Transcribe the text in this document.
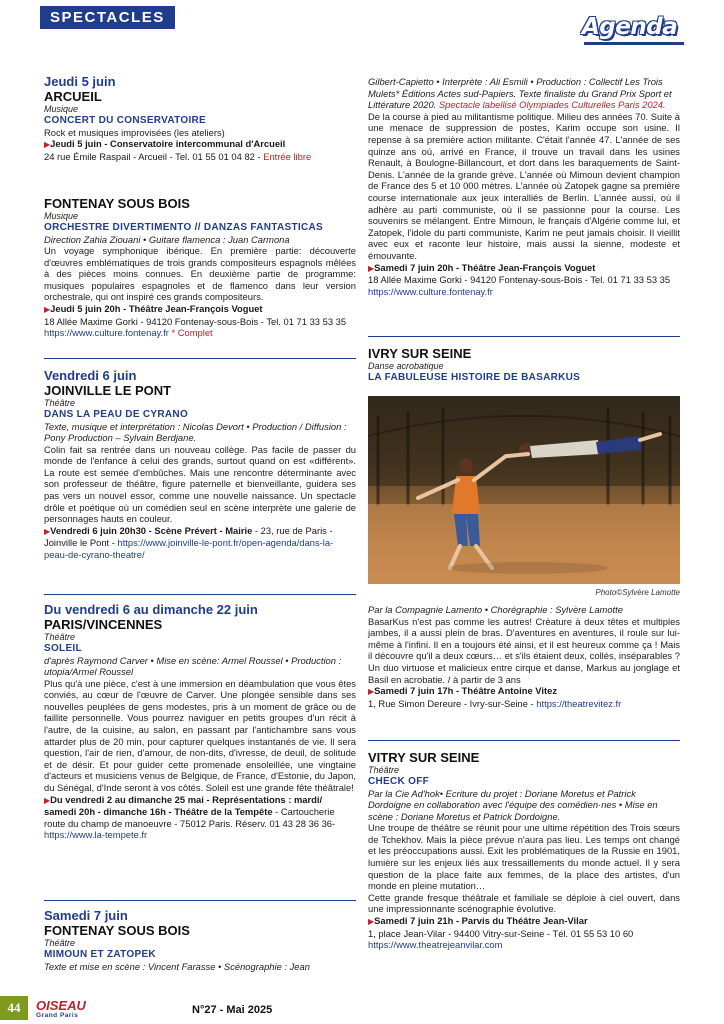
SPECTACLES	Agenda
Jeudi 5 juin
ARCUEIL
Musique
CONCERT DU CONSERVATOIRE
Rock et musiques improvisées (les ateliers)
▶Jeudi 5 juin - Conservatoire intercommunal d'Arcueil
24 rue Émile Raspail - Arcueil - Tel. 01 55 01 04 82 - Entrée libre
FONTENAY SOUS BOIS
Musique
ORCHESTRE DIVERTIMENTO // DANZAS FANTASTICAS
Direction Zahia Ziouani • Guitare flamenca : Juan Carmona
Un voyage symphonique ibérique. En première partie: découverte d'œuvres emblématiques de trois grands compositeurs espagnols mêlées à des pièces moins connues. En deuxième partie de programme: musiques populaires espagnoles et de flamenco dans leur version orchestrale, qui ont inspiré ces grands compositeurs.
▶Jeudi 5 juin 20h - Théâtre Jean-François Voguet
18 Allée Maxime Gorki - 94120 Fontenay-sous-Bois - Tel. 01 71 33 53 35
https://www.culture.fontenay.fr * Complet
Vendredi 6 juin
JOINVILLE LE PONT
Théâtre
DANS LA PEAU DE CYRANO
Texte, musique et interprétation : Nicolas Devort • Production / Diffusion : Pony Production – Sylvain Berdjane.
Colin fait sa rentrée dans un nouveau collège. Pas facile de passer du monde de l'enfance à celui des grands, surtout quand on est «différent». La route est semée d'embûches. Mais une rencontre déterminante avec son professeur de théâtre, figure paternelle et bienveillante, guidera ses pas vers un nouvel essor, comme une nouvelle naissance. Un spectacle drôle et poétique où un comédien seul en scène interprète une galerie de personnages hauts en couleur.
▶Vendredi 6 juin 20h30 - Scène Prévert - Mairie - 23, rue de Paris - Joinville le Pont - https://www.joinville-le-pont.fr/open-agenda/dans-la-peau-de-cyrano-theatre/
Du vendredi 6 au dimanche 22 juin
PARIS/VINCENNES
Théâtre
SOLEIL
d'après Raymond Carver • Mise en scène: Armel Roussel • Production : utopia/Armel Roussel
Plus qu'à une pièce, c'est à une immersion en déambulation que vous êtes conviés, au cœur de l'œuvre de Carver. Une plongée sensible dans ses nouvelles peuplées de gens modestes, pris à un moment de grâce ou de faillite personnelle. Vous pourrez naviguer en petits groupes d'un récit à l'autre, de la cuisine, au salon, en passant par l'antichambre sans vous attarder plus de 20 min, pour capturer quelques instantanés de vie. Il sera question, l'air de rien, d'amour, de non-dits, d'ivresse, de deuil, de solitude et de désir. Et pour guider cette promenade ensoleillée, une vingtaine d'acteurs et musiciens venus de Belgique, de France, d'Estonie, du Japon, du Sénégal, d'Inde seront à vos côtés. Soleil est une grande fête théâtrale!
▶Du vendredi 2 au dimanche 25 mai - Représentations : mardi/ samedi 20h - dimanche 16h - Théâtre de la Tempête - Cartoucherie route du champ de manoeuvre - 75012 Paris. Réserv. 01 43 28 36 36- https://www.la-tempete.fr
Samedi 7 juin
FONTENAY SOUS BOIS
Théâtre
MIMOUN ET ZATOPEK
Texte et mise en scène : Vincent Farasse • Scénographie : Jean
Gilbert-Capietto • Interprète : Ali Esmili • Production : Collectif Les Trois Mulets* Éditions Actes sud-Papiers. Texte finaliste du Grand Prix Sport et Littérature 2020. Spectacle labellisé Olympiades Culturelles Paris 2024.
De la course à pied au militantisme politique. Milieu des années 70. Suite à une menace de suppression de postes, Karim occupe son usine. Il repense à sa première action militante. C'était l'année 47. L'année de ses quinze ans où, arrivé en France, il trouve un travail dans les usines Renault, à Boulogne-Billancourt, et dort dans les baraquements de Saint-Denis. L'année de la grande grève. L'année où Mimoun devient champion de France des 5 et 10 000 mètres. L'année où Zatopek gagne sa première course internationale aux jeux interalliés de Berlin. L'année aussi, où il adhère au parti communiste, où il se passionne pour la course. Les souvenirs se mélangent. Entre Mimoun, le français d'Algérie comme lui, et Zatopek, l'idole du parti communiste, Karim ne peut jamais choisir. Il vieillit avec eux et raconte leur histoire, mais aussi la sienne, modeste et émouvante.
▶Samedi 7 juin 20h - Théâtre Jean-François Voguet
18 Allée Maxime Gorki - 94120 Fontenay-sous-Bois - Tel. 01 71 33 53 35
https://www.culture.fontenay.fr
IVRY SUR SEINE
Danse acrobatique
LA FABULEUSE HISTOIRE DE BASARKUS
Par la Compagnie Lamento • Chorégraphie : Sylvère Lamotte
BasarKus n'est pas comme les autres! Créature à deux têtes et multiples jambes, il a aussi plein de bras. D'aventures en aventures, il roule sur lui-même à l'infini. Il en a toujours été ainsi, et il est heureux comme ça ! Mais il découvre qu'il a deux cœurs… et s'ils étaient deux, collés, inséparables ? Un duo virtuose et malicieux entre cirque et danse, Markus au jonglage et Basil en acrobatie. / à partir de 3 ans
▶Samedi 7 juin 17h - Théâtre Antoine Vitez
1, Rue Simon Dereure - Ivry-sur-Seine - https://theatrevitez.fr
VITRY SUR SEINE
Théâtre
CHECK OFF
Par la Cie Ad'hok• Ecriture du projet : Doriane Moretus et Patrick Dordoigne en collaboration avec l'équipe des comédien·nes • Mise en scène : Doriane Moretus et Patrick Dordoigne.
Une troupe de théâtre se réunit pour une ultime répétition des Trois sœurs de Tchekhov. Mais la pièce prévue n'aura pas lieu. Les temps ont changé et les préoccupations aussi. Exit les problématiques de la Russie en 1901, lumière sur les enjeux liés aux tressaillements du monde actuel. Il y sera question de la place faite aux femmes, de la place des artistes, d'un monde en pleine mutation…
Cette grande fresque théâtrale et familiale se déploie à ciel ouvert, dans une impressionnante scénographie évolutive.
▶Samedi 7 juin 21h - Parvis du Théâtre Jean-Vilar
1, place Jean-Vilar - 94400 Vitry-sur-Seine - Tél. 01 55 53 10 60
https://www.theatrejeanvilar.com
Photo©Sylvère Lamotte
44	OISEAU
Grand Paris	N°27 - Mai 2025
